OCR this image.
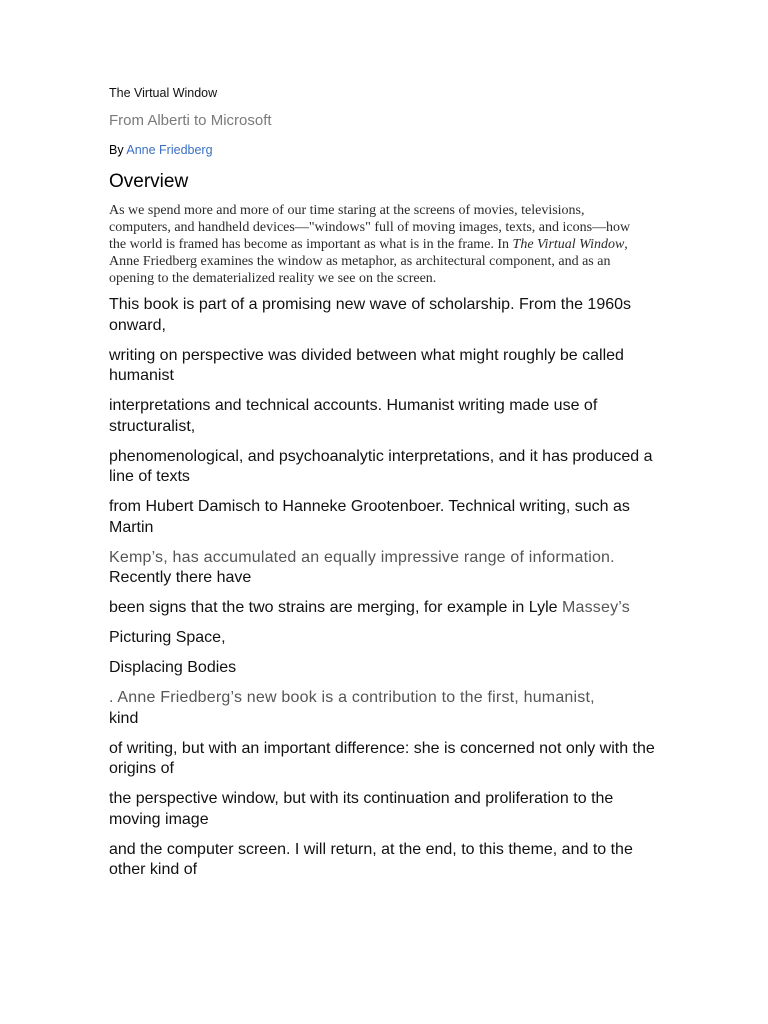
The Virtual Window
From Alberti to Microsoft
By Anne Friedberg
Overview

As we spend more and more of our time staring at the screens of movies, televisions, computers, and handheld devices—"windows" full of moving images, texts, and icons—how the world is framed has become as important as what is in the frame. In The Virtual Window, Anne Friedberg examines the window as metaphor, as architectural component, and as an opening to the dematerialized reality we see on the screen.

This book is part of a promising new wave of scholarship. From the 1960s onward,
writing on perspective was divided between what might roughly be called humanist
interpretations and technical accounts. Humanist writing made use of structuralist,
phenomenological, and psychoanalytic interpretations, and it has produced a line of texts
from Hubert Damisch to Hanneke Grootenboer. Technical writing, such as Martin
Kemp’s, has accumulated an equally impressive range of information.
Recently there have
been signs that the two strains are merging, for example in Lyle Massey’s
Picturing Space,
Displacing Bodies
. Anne Friedberg’s new book is a contribution to the first, humanist,
kind
of writing, but with an important difference: she is concerned not only with the origins of
the perspective window, but with its continuation and proliferation to the moving image
and the computer screen. I will return, at the end, to this theme, and to the other kind of
